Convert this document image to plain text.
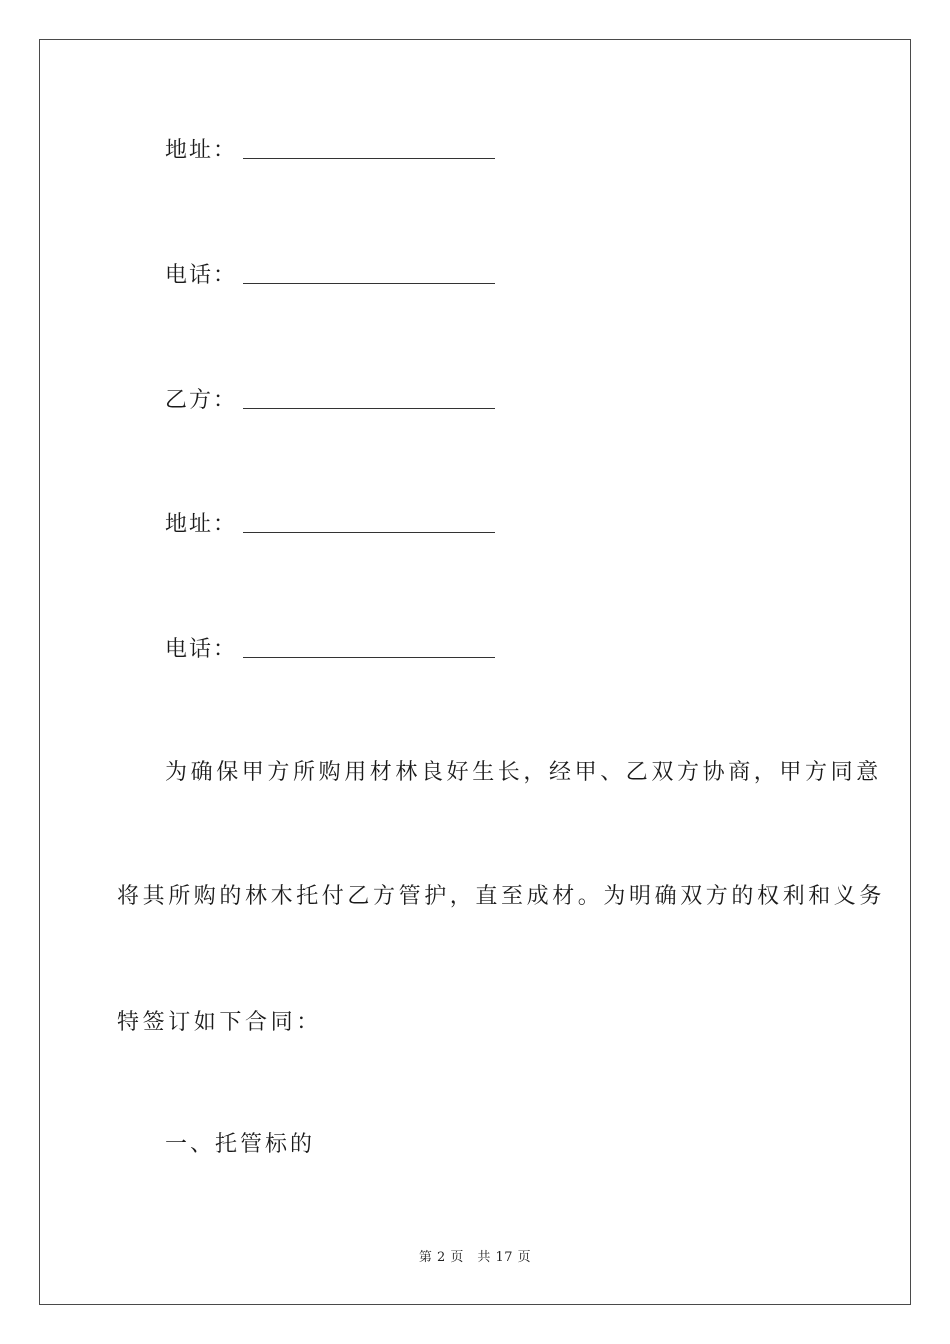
地址：
电话：
乙方：
地址：
电话：
为确保甲方所购用材林良好生长，经甲、乙双方协商，甲方同意
将其所购的林木托付乙方管护，直至成材。为明确双方的权利和义务
特签订如下合同：
一、托管标的
第 2 页　共 17 页
